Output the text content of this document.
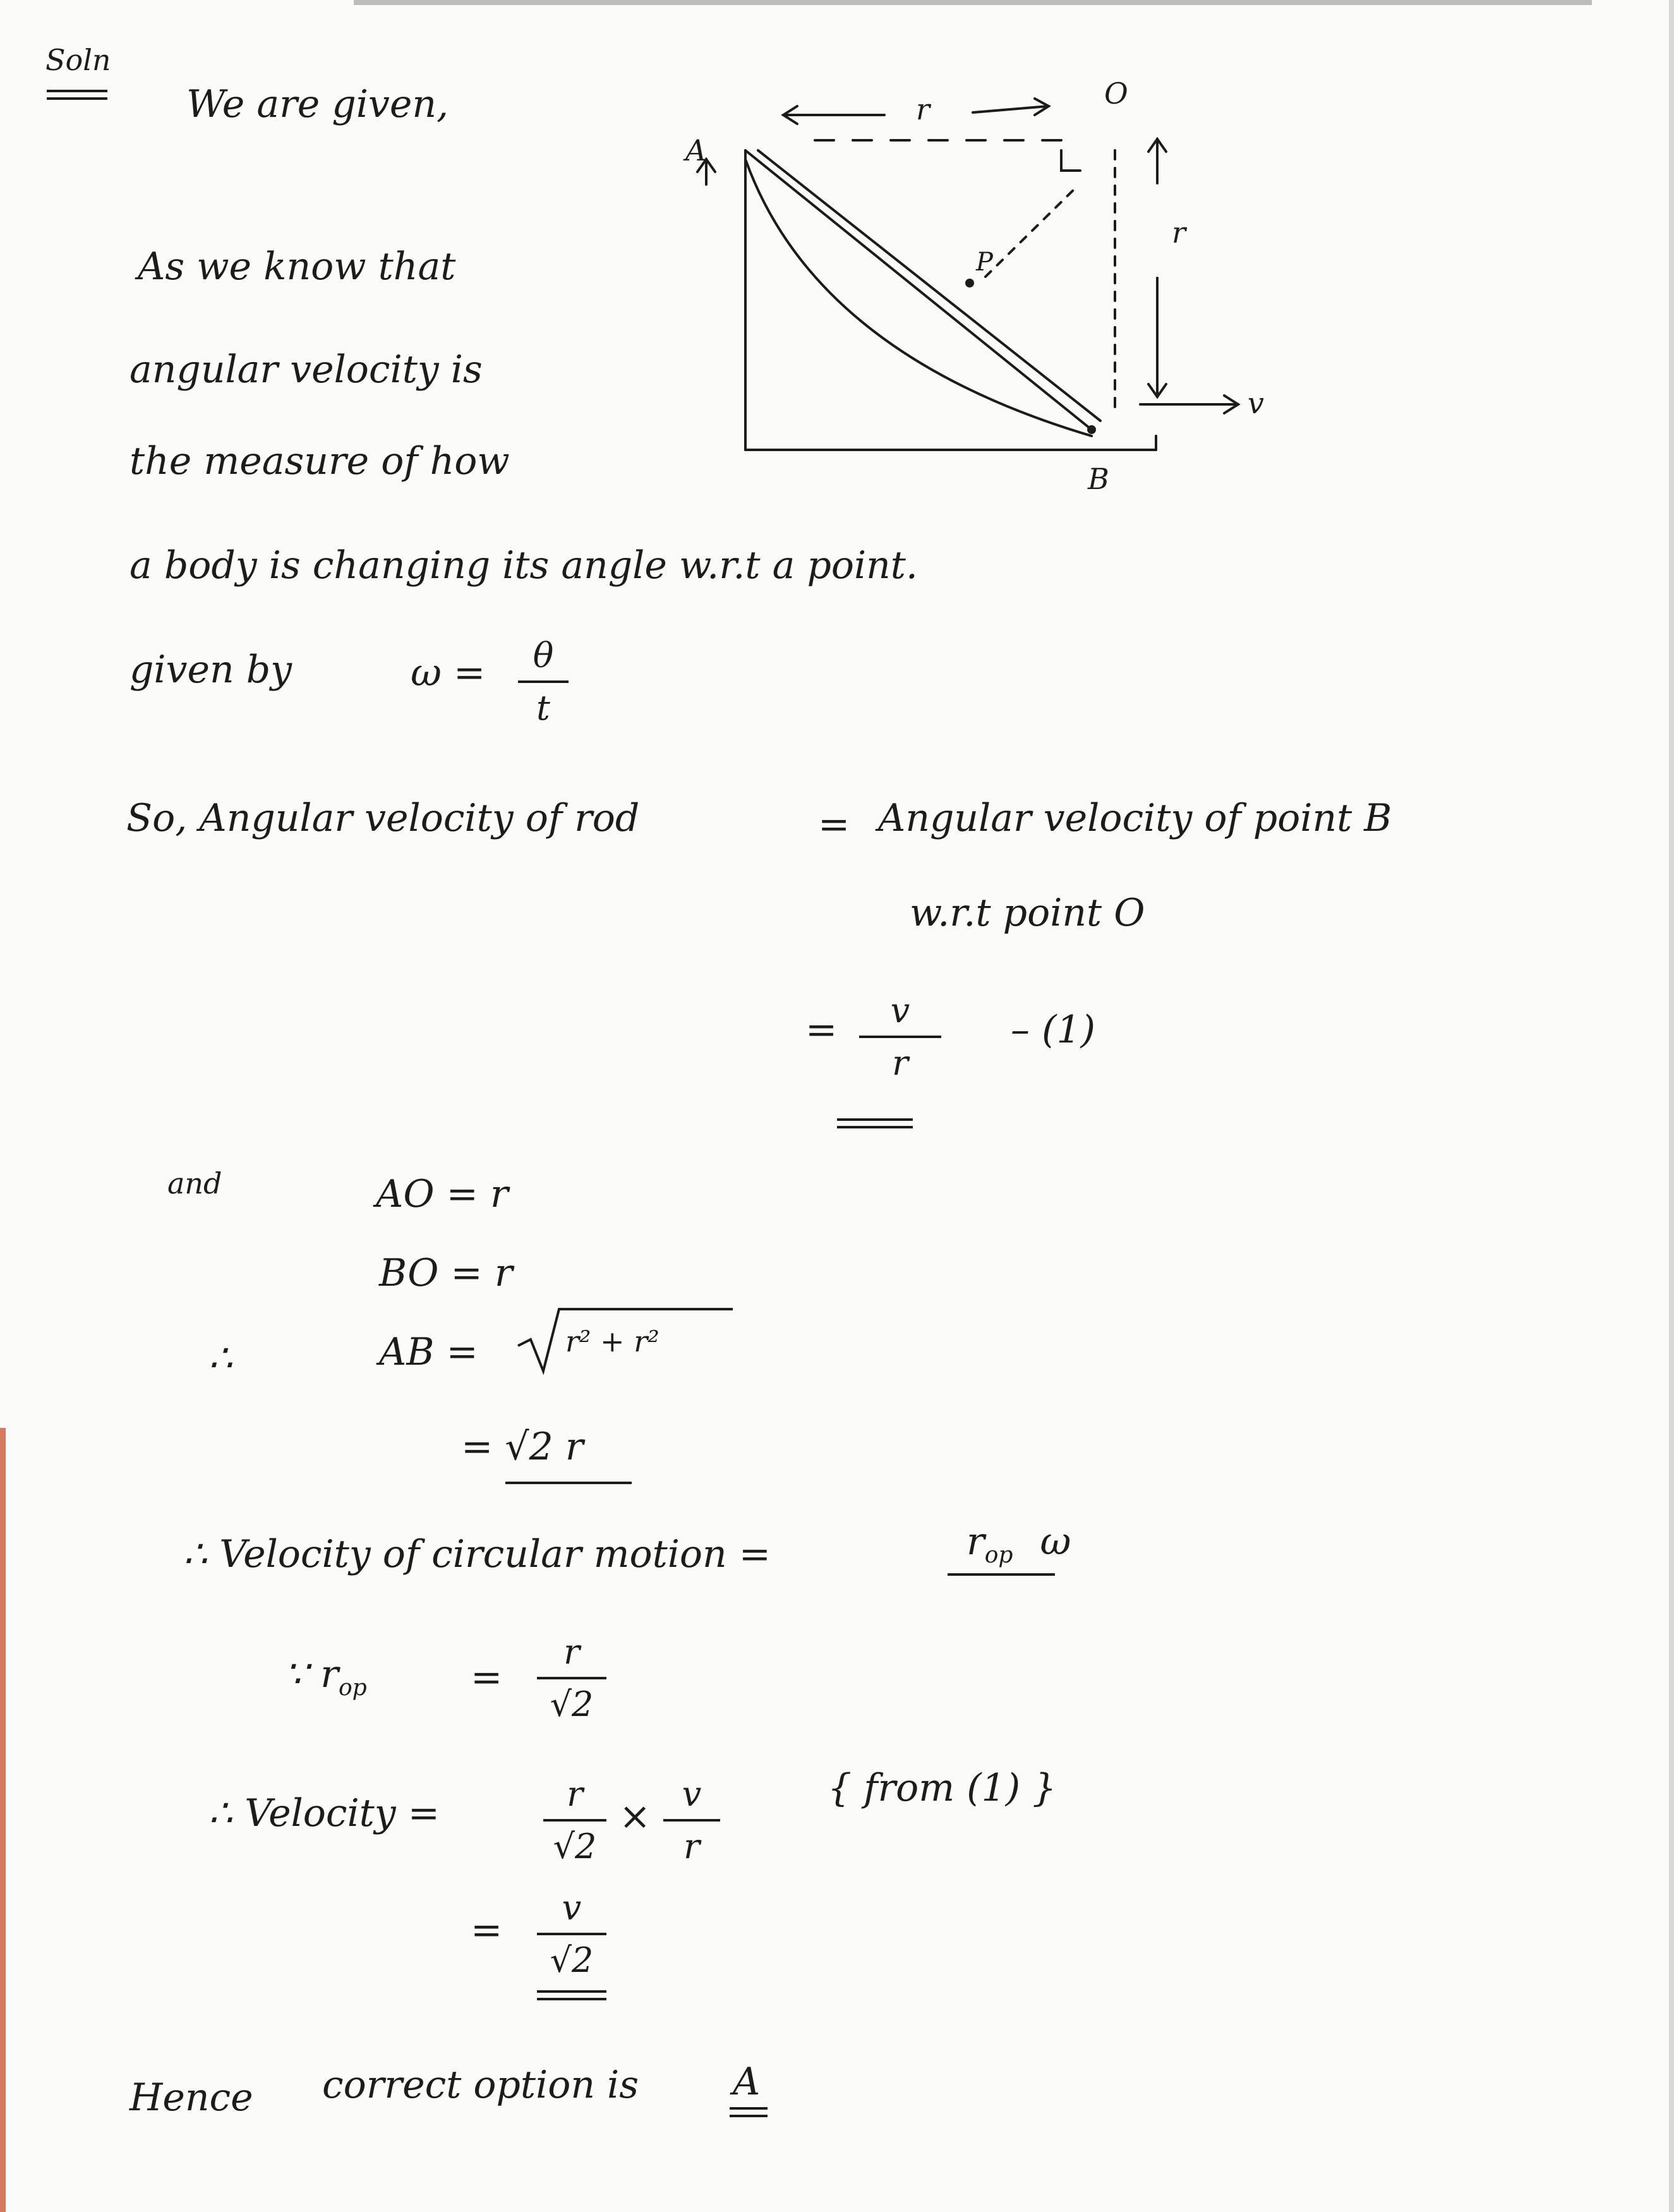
Soln
We are given,
As we know that
angular velocity is
the measure of how
a body is changing its angle w.r.t a point.
given by	ω =	θ
t
A
B
O
P
r
r
v
So, Angular velocity of rod	= Angular velocity of point B
w.r.t point O
=	v
r
– (1)
and	AO = r
BO = r
∴	AB =	r² + r²
= √2 r
∴ Velocity of circular motion =	$r_{op}$ ω
∵ $r_{op}$	=
r
√2
∴ Velocity =	r
√2
×
v
r
{ from (1) }
=
v
√2
Hence correct option is A
